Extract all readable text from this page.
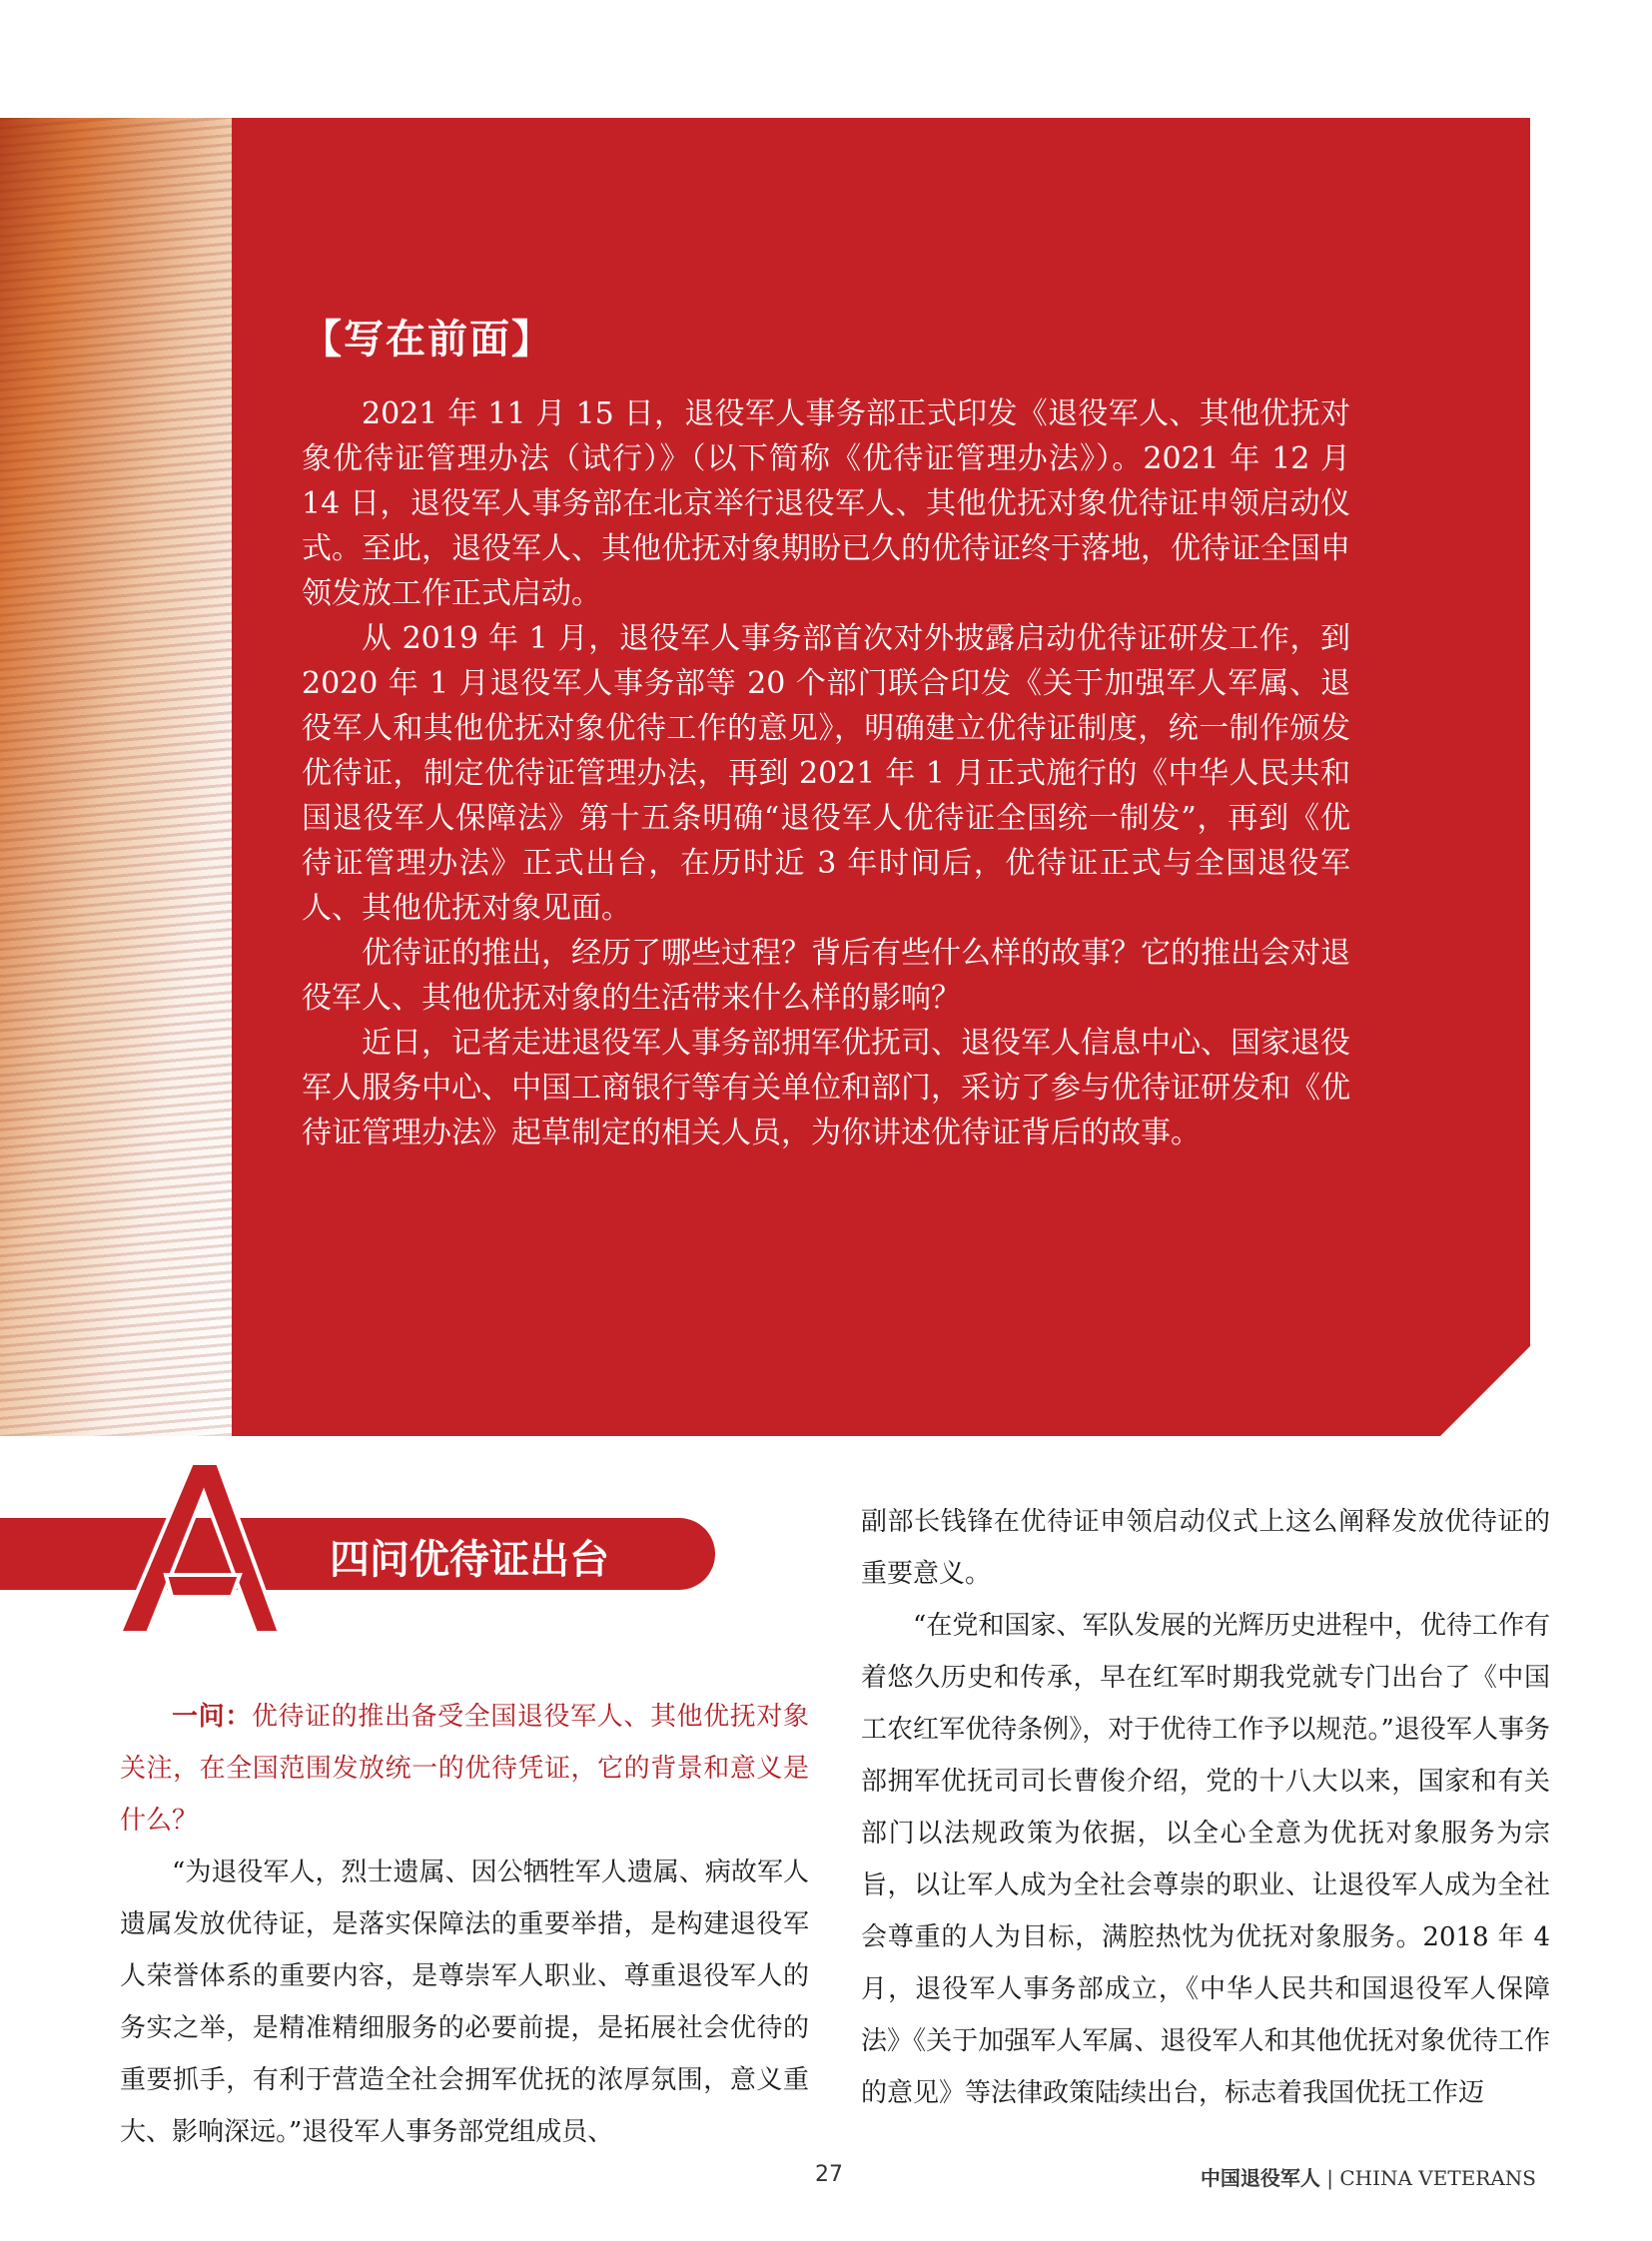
【写在前面】

2021 年 11 月 15 日，退役军人事务部正式印发《退役军人、其他优抚对象优待证管理办法（试行）》（以下简称《优待证管理办法》）。2021 年 12 月 14 日，退役军人事务部在北京举行退役军人、其他优抚对象优待证申领启动仪式。至此，退役军人、其他优抚对象期盼已久的优待证终于落地，优待证全国申领发放工作正式启动。

从 2019 年 1 月，退役军人事务部首次对外披露启动优待证研发工作，到 2020 年 1 月退役军人事务部等 20 个部门联合印发《关于加强军人军属、退役军人和其他优抚对象优待工作的意见》，明确建立优待证制度，统一制作颁发优待证，制定优待证管理办法，再到 2021 年 1 月正式施行的《中华人民共和国退役军人保障法》第十五条明确“退役军人优待证全国统一制发”，再到《优待证管理办法》正式出台，在历时近 3 年时间后，优待证正式与全国退役军人、其他优抚对象见面。

优待证的推出，经历了哪些过程？背后有些什么样的故事？它的推出会对退役军人、其他优抚对象的生活带来什么样的影响？

近日，记者走进退役军人事务部拥军优抚司、退役军人信息中心、国家退役军人服务中心、中国工商银行等有关单位和部门，采访了参与优待证研发和《优待证管理办法》起草制定的相关人员，为你讲述优待证背后的故事。

四问优待证出台

一问：优待证的推出备受全国退役军人、其他优抚对象关注，在全国范围发放统一的优待凭证，它的背景和意义是什么？

“为退役军人，烈士遗属、因公牺牲军人遗属、病故军人遗属发放优待证，是落实保障法的重要举措，是构建退役军人荣誉体系的重要内容，是尊崇军人职业、尊重退役军人的务实之举，是精准精细服务的必要前提，是拓展社会优待的重要抓手，有利于营造全社会拥军优抚的浓厚氛围，意义重大、影响深远。”退役军人事务部党组成员、

副部长钱锋在优待证申领启动仪式上这么阐释发放优待证的重要意义。

“在党和国家、军队发展的光辉历史进程中，优待工作有着悠久历史和传承，早在红军时期我党就专门出台了《中国工农红军优待条例》，对于优待工作予以规范。”退役军人事务部拥军优抚司司长曹俊介绍，党的十八大以来，国家和有关部门以法规政策为依据，以全心全意为优抚对象服务为宗旨，以让军人成为全社会尊崇的职业、让退役军人成为全社会尊重的人为目标，满腔热忱为优抚对象服务。2018 年 4 月，退役军人事务部成立，《中华人民共和国退役军人保障法》《关于加强军人军属、退役军人和其他优抚对象优待工作的意见》等法律政策陆续出台，标志着我国优抚工作迈

27	中国退役军人 | CHINA VETERANS
